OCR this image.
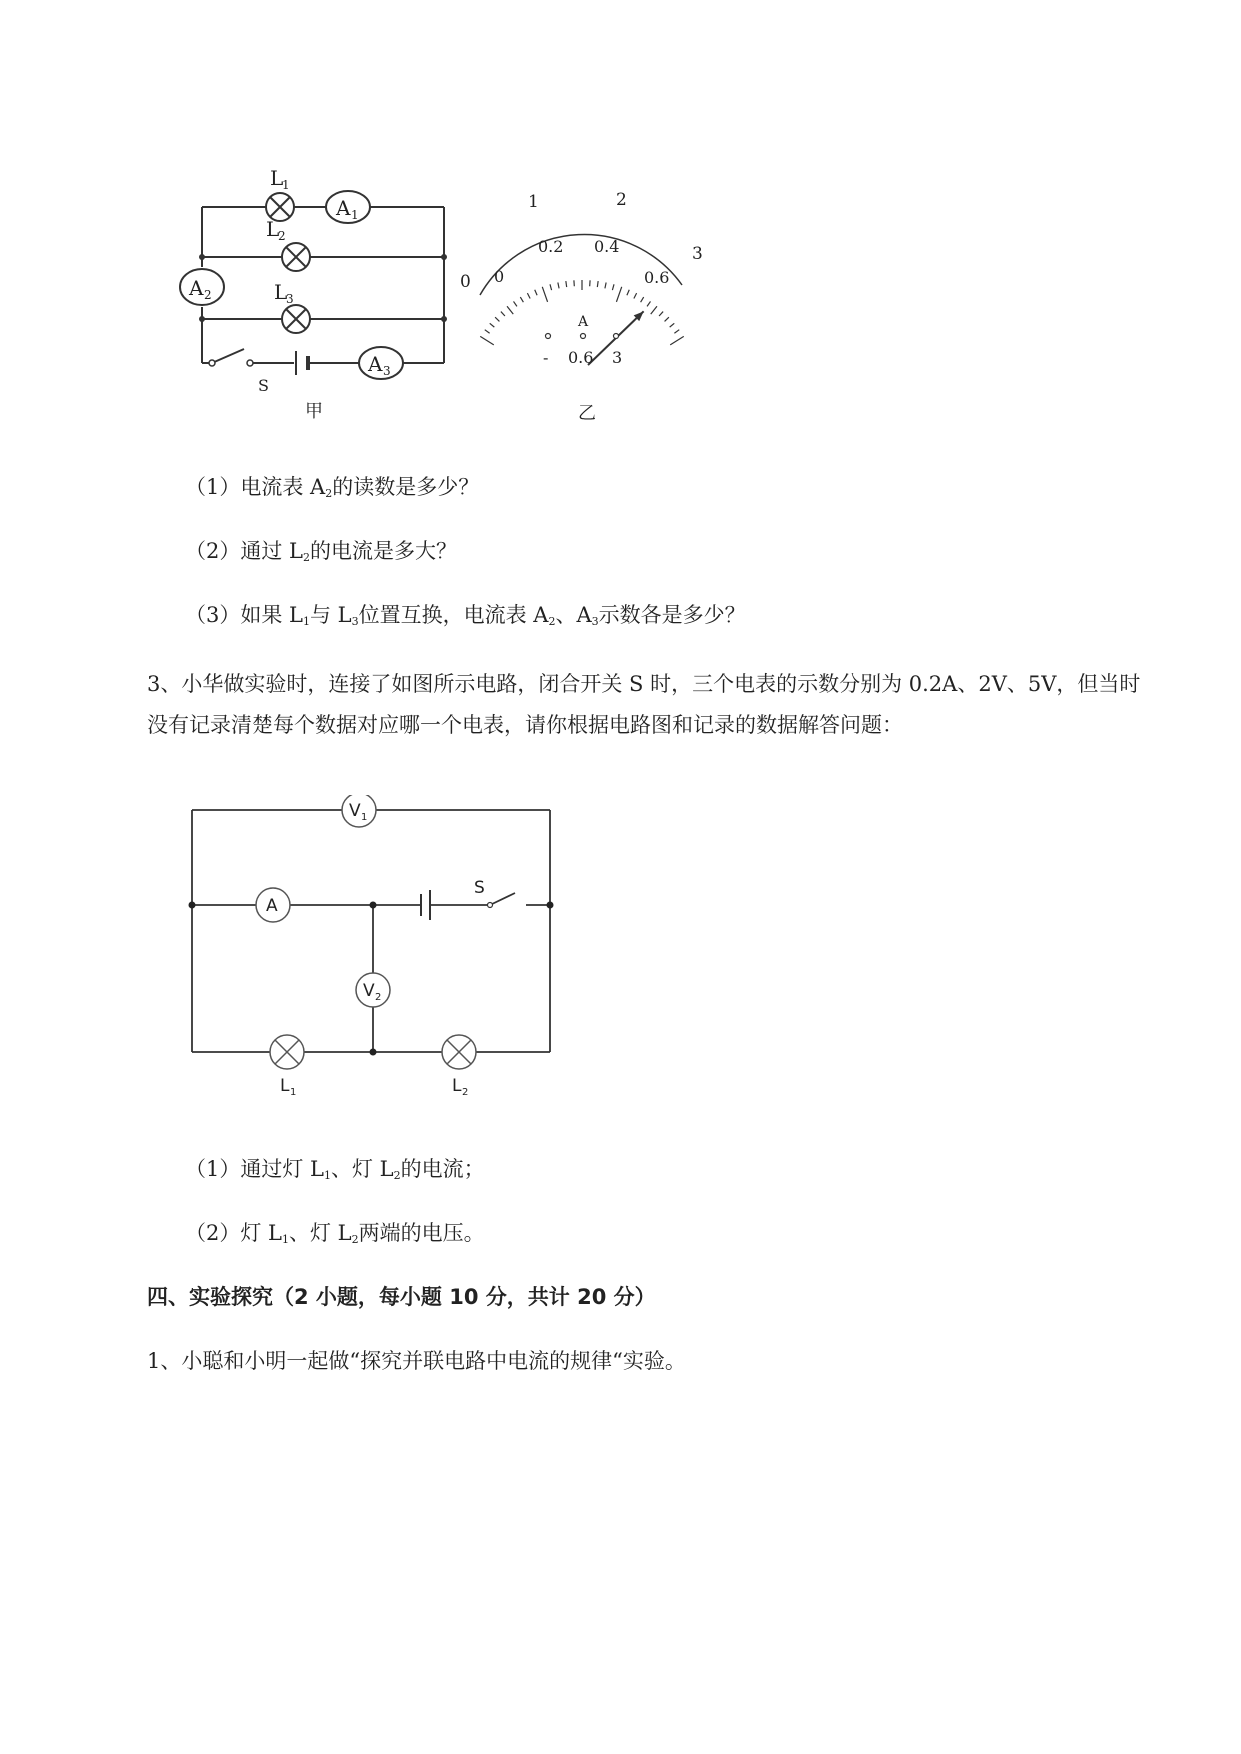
A 1
A 2
A 3
L
1
L
2
L
3
S
甲
0
1	2
3
0
0.2 0.4
0.6
A
- 0.6 3
乙
（1）电流表 $A_2$的读数是多少？
（2）通过 $L_2$的电流是多大？
（3）如果 $L_1$与 $L_3$位置互换，电流表 $A_2$、$A_3$示数各是多少？
3、小华做实验时，连接了如图所示电路，闭合开关 S 时，三个电表的示数分别为 0.2A、2V、5V，但当时没有记录清楚每个数据对应哪一个电表，请你根据电路图和记录的数据解答问题：
V 1
A
V 2
L 1	L 2
S
（1）通过灯 $L_1$、灯 $L_2$的电流；
（2）灯 $L_1$、灯 $L_2$两端的电压。
四、实验探究（2 小题，每小题 10 分，共计 20 分）
1、小聪和小明一起做“探究并联电路中电流的规律“实验。
